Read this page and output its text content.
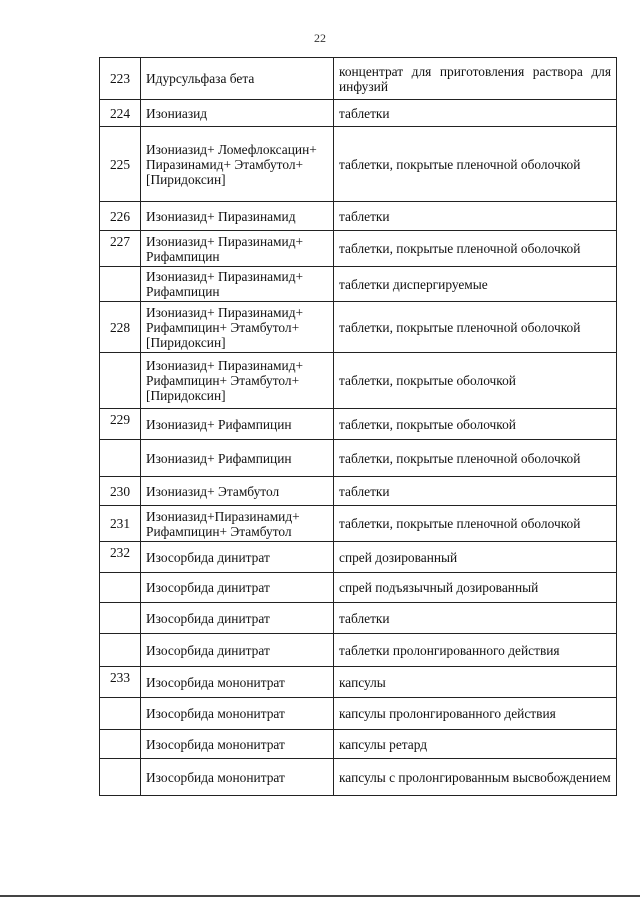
22
223	Идурсульфаза бета	концентрат для приготовления раствора для инфузий
224	Изониазид	таблетки
225	Изониазид+ Ломефлоксацин+ Пиразинамид+ Этамбутол+ [Пиридоксин]	таблетки, покрытые пленочной оболочкой
226	Изониазид+ Пиразинамид	таблетки
227	Изониазид+ Пиразинамид+ Рифампицин	таблетки, покрытые пленочной оболочкой
	Изониазид+ Пиразинамид+ Рифампицин	таблетки диспергируемые
228	Изониазид+ Пиразинамид+ Рифампицин+ Этамбутол+ [Пиридоксин]	таблетки, покрытые пленочной оболочкой
	Изониазид+ Пиразинамид+ Рифампицин+ Этамбутол+ [Пиридоксин]	таблетки, покрытые оболочкой
229	Изониазид+ Рифампицин	таблетки, покрытые оболочкой
	Изониазид+ Рифампицин	таблетки, покрытые пленочной оболочкой
230	Изониазид+ Этамбутол	таблетки
231	Изониазид+Пиразинамид+ Рифампицин+ Этамбутол	таблетки, покрытые пленочной оболочкой
232	Изосорбида динитрат	спрей дозированный
	Изосорбида динитрат	спрей подъязычный дозированный
	Изосорбида динитрат	таблетки
	Изосорбида динитрат	таблетки пролонгированного действия
233	Изосорбида мононитрат	капсулы
	Изосорбида мононитрат	капсулы пролонгированного действия
	Изосорбида мононитрат	капсулы ретард
	Изосорбида мононитрат	капсулы с пролонгированным высвобождением
